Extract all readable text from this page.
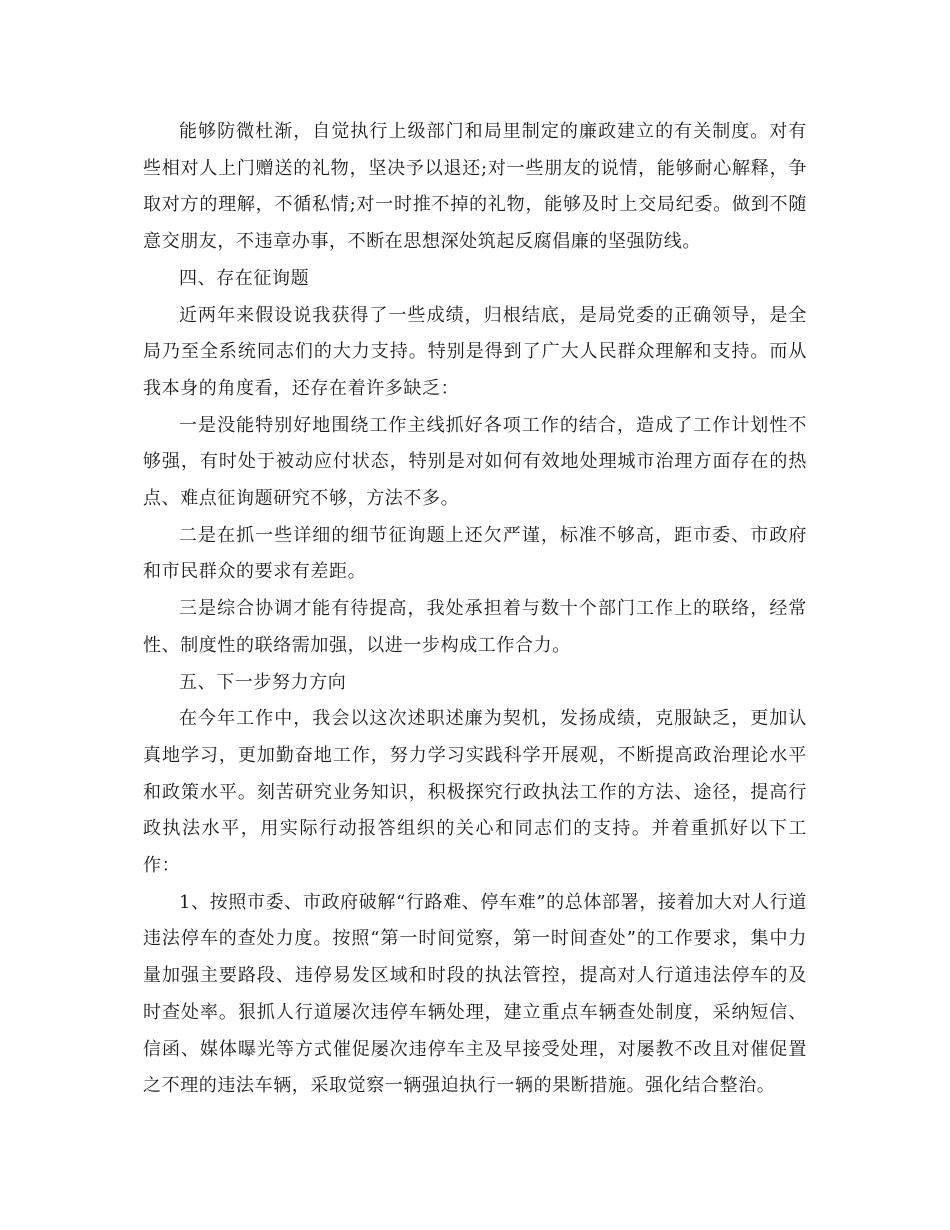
能够防微杜渐，自觉执行上级部门和局里制定的廉政建立的有关制度。对有些相对人上门赠送的礼物，坚决予以退还;对一些朋友的说情，能够耐心解释，争取对方的理解，不循私情;对一时推不掉的礼物，能够及时上交局纪委。做到不随意交朋友，不违章办事，不断在思想深处筑起反腐倡廉的坚强防线。

四、存在征询题

近两年来假设说我获得了一些成绩，归根结底，是局党委的正确领导，是全局乃至全系统同志们的大力支持。特别是得到了广大人民群众理解和支持。而从我本身的角度看，还存在着许多缺乏：

一是没能特别好地围绕工作主线抓好各项工作的结合，造成了工作计划性不够强，有时处于被动应付状态，特别是对如何有效地处理城市治理方面存在的热点、难点征询题研究不够，方法不多。

二是在抓一些详细的细节征询题上还欠严谨，标准不够高，距市委、市政府和市民群众的要求有差距。

三是综合协调才能有待提高，我处承担着与数十个部门工作上的联络，经常性、制度性的联络需加强，以进一步构成工作合力。

五、下一步努力方向

在今年工作中，我会以这次述职述廉为契机，发扬成绩，克服缺乏，更加认真地学习，更加勤奋地工作，努力学习实践科学开展观，不断提高政治理论水平和政策水平。刻苦研究业务知识，积极探究行政执法工作的方法、途径，提高行政执法水平，用实际行动报答组织的关心和同志们的支持。并着重抓好以下工作：

1、按照市委、市政府破解“行路难、停车难”的总体部署，接着加大对人行道违法停车的查处力度。按照“第一时间觉察，第一时间查处”的工作要求，集中力量加强主要路段、违停易发区域和时段的执法管控，提高对人行道违法停车的及时查处率。狠抓人行道屡次违停车辆处理，建立重点车辆查处制度，采纳短信、信函、媒体曝光等方式催促屡次违停车主及早接受处理，对屡教不改且对催促置之不理的违法车辆，采取觉察一辆强迫执行一辆的果断措施。强化结合整治。
